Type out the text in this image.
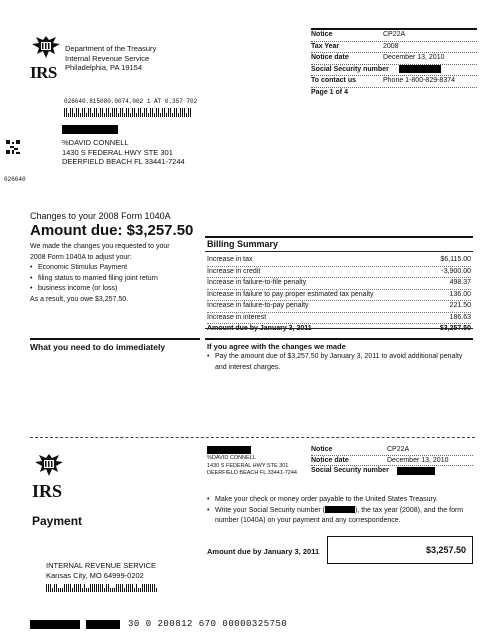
Notice	CP22A
Tax Year	2008
Notice date	December 13, 2010
Social Security number
To contact us	Phone 1-800-829-8374
Page 1 of 4
IRS
Department of the Treasury
Internal Revenue Service
Philadelphia, PA 19154
026640.815080.0074.002 1 AT 0.357 702
%DAVID CONNELL
1430 S FEDERAL HWY STE 301
DEERFIELD BEACH FL 33441-7244
026640
Changes to your 2008 Form 1040A
Amount due: $3,257.50
We made the changes you requested to your
2008 Form 1040A to adjust your:
• Economic Stimulus Payment
• filing status to married filing joint return
• business income (or loss)
As a result, you owe $3,257.50.
Billing Summary
Increase in tax	$6,115.00
Increase in credit	-3,900.00
Increase in failure-to-file penalty	498.37
Increase in failure to pay proper estimated tax penalty	136.00
Increase in failure-to-pay penalty	221.50
Increase in interest	186.63
Amount due by January 3, 2011	$3,257.50
What you need to do immediately	If you agree with the changes we made
• Pay the amount due of $3,257.50 by January 3, 2011 to avoid additional penalty
and interest charges.
IRS
%DAVID CONNELL
1430 S FEDERAL HWY STE 301
DEERFIELD BEACH FL 33441-7244
Notice	CP22A
Notice date	December 13, 2010
Social Security number
Payment
• Make your check or money order payable to the United States Treasury.
• Write your Social Security number (	), the tax year (2008), and the form
number (1040A) on your payment and any correspondence.
Amount due by January 3, 2011	$3,257.50
INTERNAL REVENUE SERVICE
Kansas City, MO 64999-0202
30 0 200812 670 00000325750
